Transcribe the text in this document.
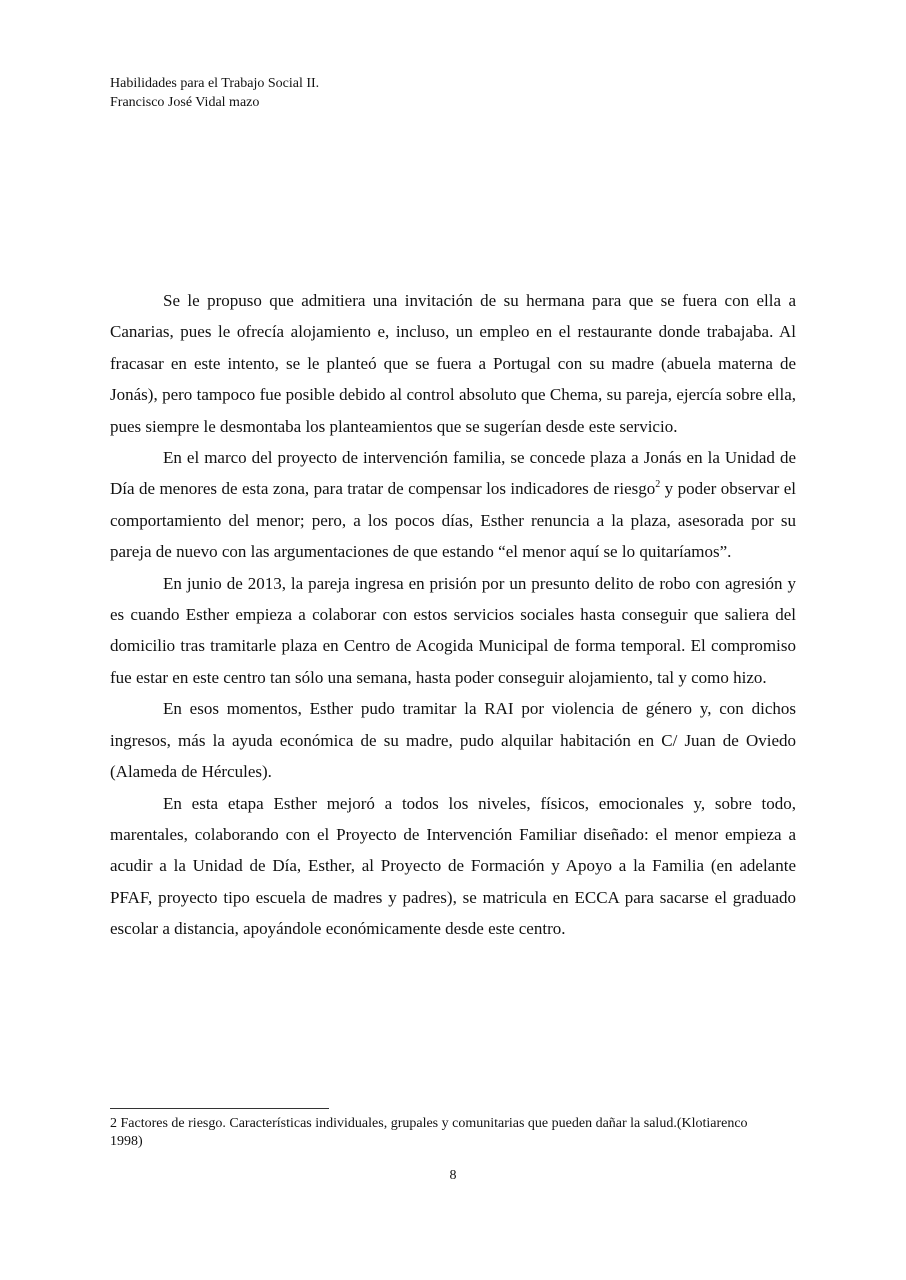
Habilidades para el Trabajo Social II.
Francisco José Vidal mazo

Se le propuso que admitiera una invitación de su hermana para que se fuera con ella a Canarias, pues le ofrecía alojamiento e, incluso, un empleo en el restaurante donde trabajaba. Al fracasar en este intento, se le planteó que se fuera a Portugal con su madre (abuela materna de Jonás), pero tampoco fue posible debido al control absoluto que Chema, su pareja, ejercía sobre ella, pues siempre le desmontaba los planteamientos que se sugerían desde este servicio.

En el marco del proyecto de intervención familia, se concede plaza a Jonás en la Unidad de Día de menores de esta zona, para tratar de compensar los indicadores de riesgo$^2$ y poder observar el comportamiento del menor; pero, a los pocos días, Esther renuncia a la plaza, asesorada por su pareja de nuevo con las argumentaciones de que estando “el menor aquí se lo quitaríamos”.

En junio de 2013, la pareja ingresa en prisión por un presunto delito de robo con agresión y es cuando Esther empieza a colaborar con estos servicios sociales hasta conseguir que saliera del domicilio tras tramitarle plaza en Centro de Acogida Municipal de forma temporal. El compromiso fue estar en este centro tan sólo una semana, hasta poder conseguir alojamiento, tal y como hizo.

En esos momentos, Esther pudo tramitar la RAI por violencia de género y, con dichos ingresos, más la ayuda económica de su madre, pudo alquilar habitación en C/ Juan de Oviedo (Alameda de Hércules).

En esta etapa Esther mejoró a todos los niveles, físicos, emocionales y, sobre todo, marentales, colaborando con el Proyecto de Intervención Familiar diseñado: el menor empieza a acudir a la Unidad de Día, Esther, al Proyecto de Formación y Apoyo a la Familia (en adelante PFAF, proyecto tipo escuela de madres y padres), se matricula en ECCA para sacarse el graduado escolar a distancia, apoyándole económicamente desde este centro.

2 Factores de riesgo. Características individuales, grupales y comunitarias que pueden dañar la salud.(Klotiarenco 1998)
8
